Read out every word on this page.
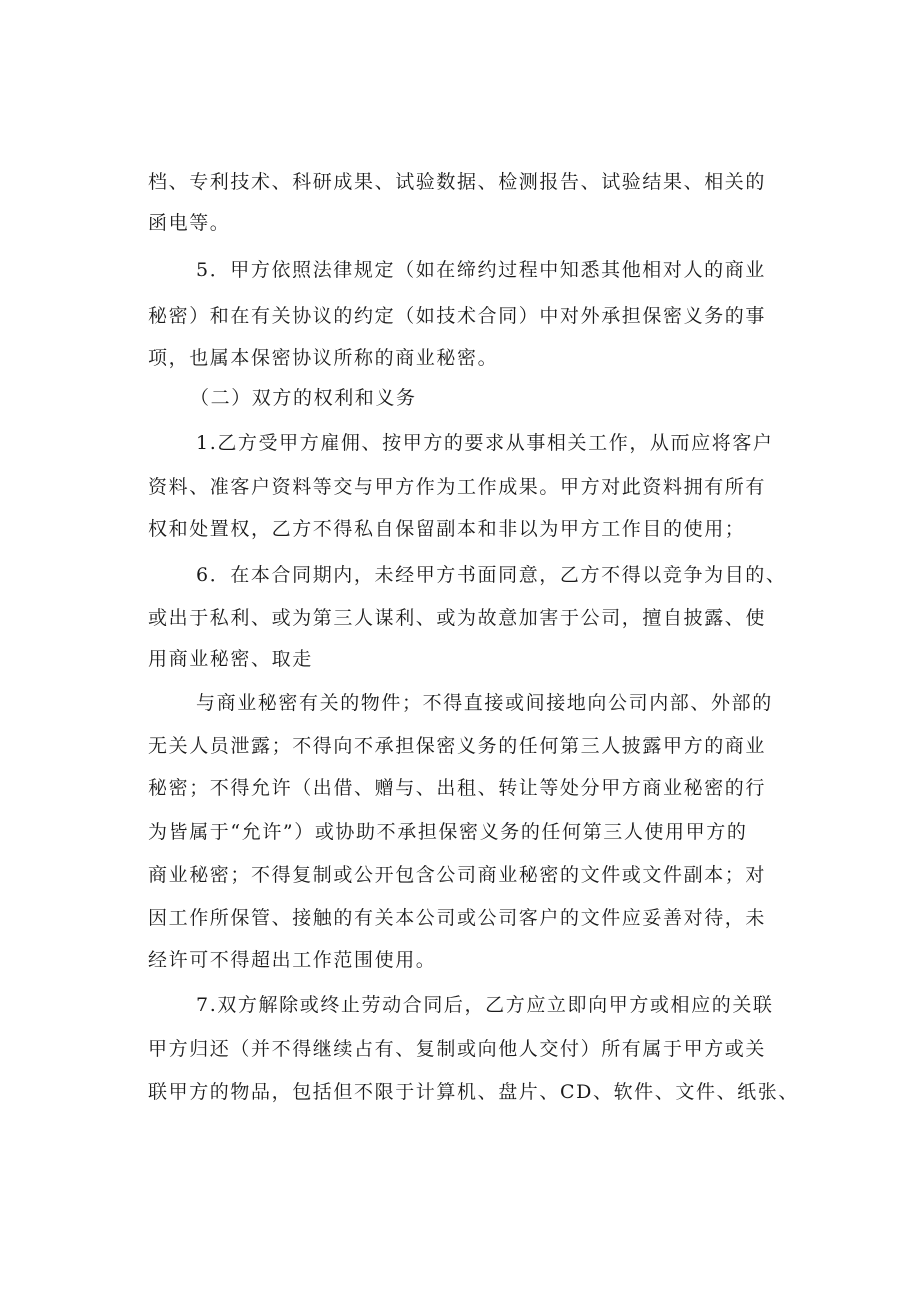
档、专利技术、科研成果、试验数据、检测报告、试验结果、相关的
函电等。
5．甲方依照法律规定（如在缔约过程中知悉其他相对人的商业
秘密）和在有关协议的约定（如技术合同）中对外承担保密义务的事
项，也属本保密协议所称的商业秘密。
（二）双方的权利和义务
1.乙方受甲方雇佣、按甲方的要求从事相关工作，从而应将客户
资料、准客户资料等交与甲方作为工作成果。甲方对此资料拥有所有
权和处置权，乙方不得私自保留副本和非以为甲方工作目的使用；
6．在本合同期内，未经甲方书面同意，乙方不得以竞争为目的、
或出于私利、或为第三人谋利、或为故意加害于公司，擅自披露、使
用商业秘密、取走
与商业秘密有关的物件；不得直接或间接地向公司内部、外部的
无关人员泄露；不得向不承担保密义务的任何第三人披露甲方的商业
秘密；不得允许（出借、赠与、出租、转让等处分甲方商业秘密的行
为皆属于“允许”）或协助不承担保密义务的任何第三人使用甲方的
商业秘密；不得复制或公开包含公司商业秘密的文件或文件副本；对
因工作所保管、接触的有关本公司或公司客户的文件应妥善对待，未
经许可不得超出工作范围使用。
7.双方解除或终止劳动合同后，乙方应立即向甲方或相应的关联
甲方归还（并不得继续占有、复制或向他人交付）所有属于甲方或关
联甲方的物品，包括但不限于计算机、盘片、CD、软件、文件、纸张、
